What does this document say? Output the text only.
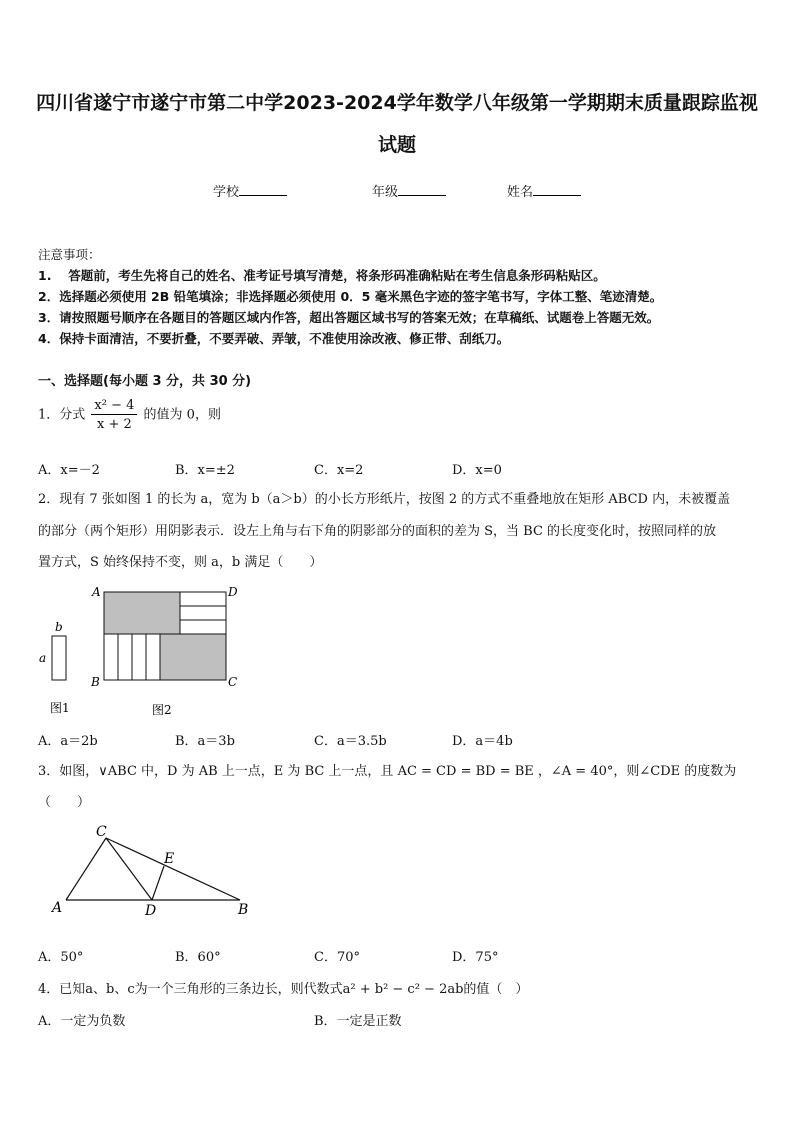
四川省遂宁市遂宁市第二中学2023-2024学年数学八年级第一学期期末质量跟踪监视
试题
学校	年级	姓名
注意事项：
1.　 答题前，考生先将自己的姓名、准考证号填写清楚，将条形码准确粘贴在考生信息条形码粘贴区。
2．选择题必须使用 2B 铅笔填涂；非选择题必须使用 0．5 毫米黑色字迹的签字笔书写，字体工整、笔迹清楚。
3．请按照题号顺序在各题目的答题区域内作答，超出答题区域书写的答案无效；在草稿纸、试题卷上答题无效。
4．保持卡面清洁，不要折叠，不要弄破、弄皱，不准使用涂改液、修正带、刮纸刀。
一、选择题(每小题 3 分，共 30 分)
1．分式 $\frac{\text{x² − 4}}{x + 2}$ 的值为 0，则
A．x=－2	B．x=±2	C．x=2	D．x=0
2．现有 7 张如图 1 的长为 a，宽为 b（a＞b）的小长方形纸片，按图 2 的方式不重叠地放在矩形 ABCD 内，未被覆盖
的部分（两个矩形）用阴影表示．设左上角与右下角的阴影部分的面积的差为 S，当 BC 的长度变化时，按照同样的放
置方式，S 始终保持不变，则 a，b 满足（　　）
b
a
图1
A	D
B	C
图2
A．a＝2b	B．a＝3b	C．a＝3.5b	D．a＝4b
3．如图，∨ABC 中，D 为 AB 上一点，E 为 BC 上一点，且 AC = CD = BD = BE ，∠A = 40°，则∠CDE 的度数为
（　　）
C
E
A	D	B
A．50°	B．60°	C．70°	D．75°
4．已知a、b、c为一个三角形的三条边长，则代数式a² + b² − c² − 2ab的值（　）
A．一定为负数	B．一定是正数
